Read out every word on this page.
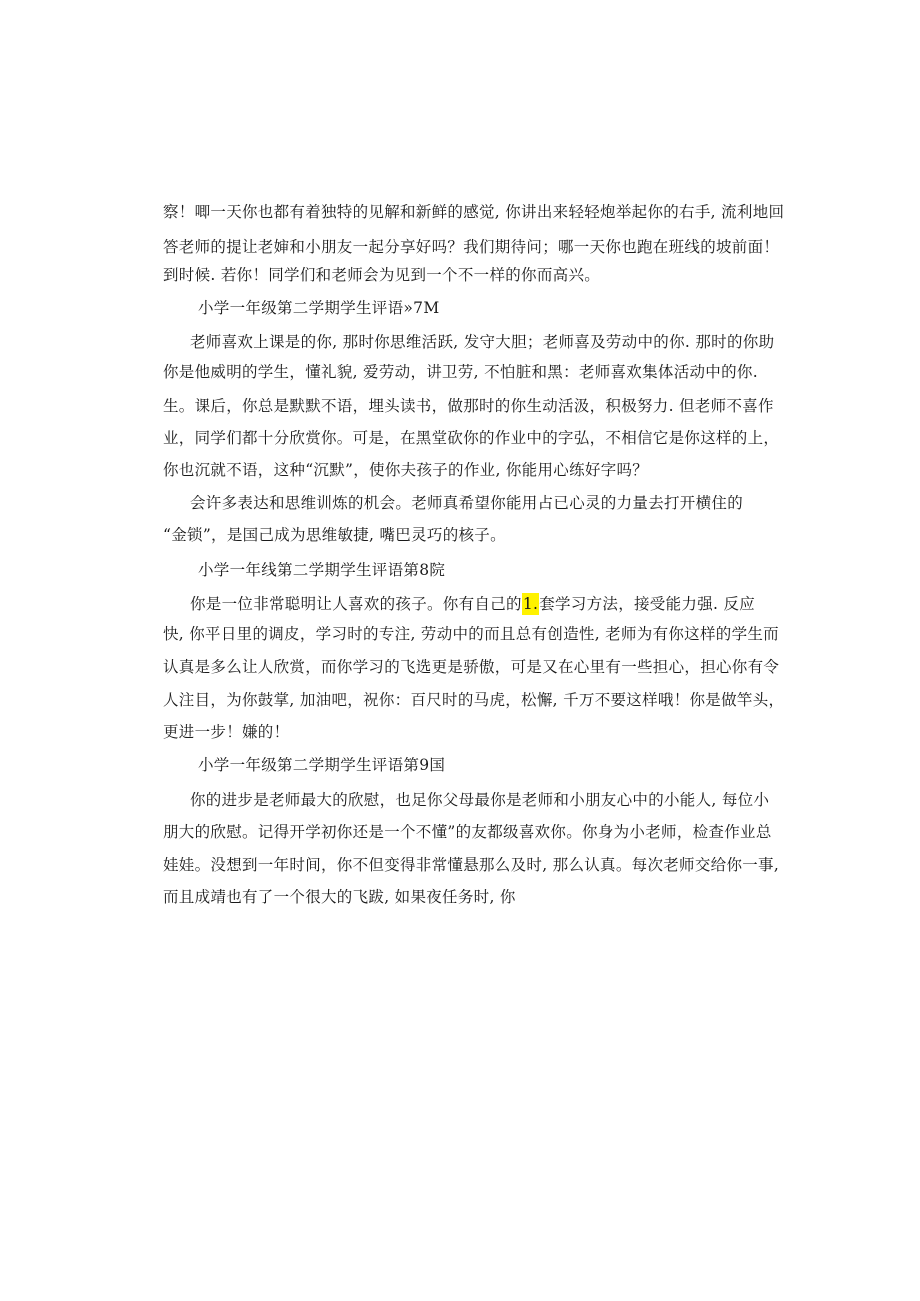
察！唧一天你也都有着独特的见解和新鲜的感觉, 你讲出来轻轻炮举起你的右手, 流利地回
答老师的提让老婶和小朋友一起分享好吗？我们期待问；哪一天你也跑在班线的坡前面！
到时候. 若你！同学们和老师会为见到一个不一样的你而高兴。
小学一年级第二学期学生评语»7M
老师喜欢上课是的你, 那时你思维活跃, 发守大胆；老师喜及劳动中的你. 那时的你助
你是他威明的学生，懂礼貌, 爱劳动，讲卫劳, 不怕脏和黑：老师喜欢集体活动中的你.
生。课后，你总是默默不语，埋头读书，做那时的你生动活汲，积极努力. 但老师不喜作
业，同学们都十分欣赏你。可是，在黑堂砍你的作业中的字弘，不相信它是你这样的上，
你也沉就不语，这种“沉默”，使你夫孩子的作业, 你能用心练好字吗？
会许多表达和思维训炼的机会。老师真希望你能用占已心灵的力量去打开横住的
“金锁”，是国己成为思维敏捷, 嘴巴灵巧的核子。
小学一年线第二学期学生评语第8院
你是一位非常聪明让人喜欢的孩子。你有自己的1.套学习方法，接受能力强. 反应
快, 你平日里的调皮，学习时的专注, 劳动中的而且总有创造性, 老师为有你这样的学生而
认真是多么让人欣赏，而你学习的飞选更是骄傲，可是又在心里有一些担心，担心你有令
人注目，为你鼓掌, 加油吧，祝你：百尺时的马虎，松懈, 千万不要这样哦！你是做竿头，
更进一步！嫌的！
小学一年级第二学期学生评语第9国
你的进步是老师最大的欣慰，也足你父母最你是老师和小朋友心中的小能人, 每位小
朋大的欣慰。记得开学初你还是一个不懂”的友都级喜欢你。你身为小老师，检查作业总
娃娃。没想到一年时间，你不但变得非常懂悬那么及时, 那么认真。每次老师交给你一事,
而且成靖也有了一个很大的飞跋, 如果夜任务时, 你
